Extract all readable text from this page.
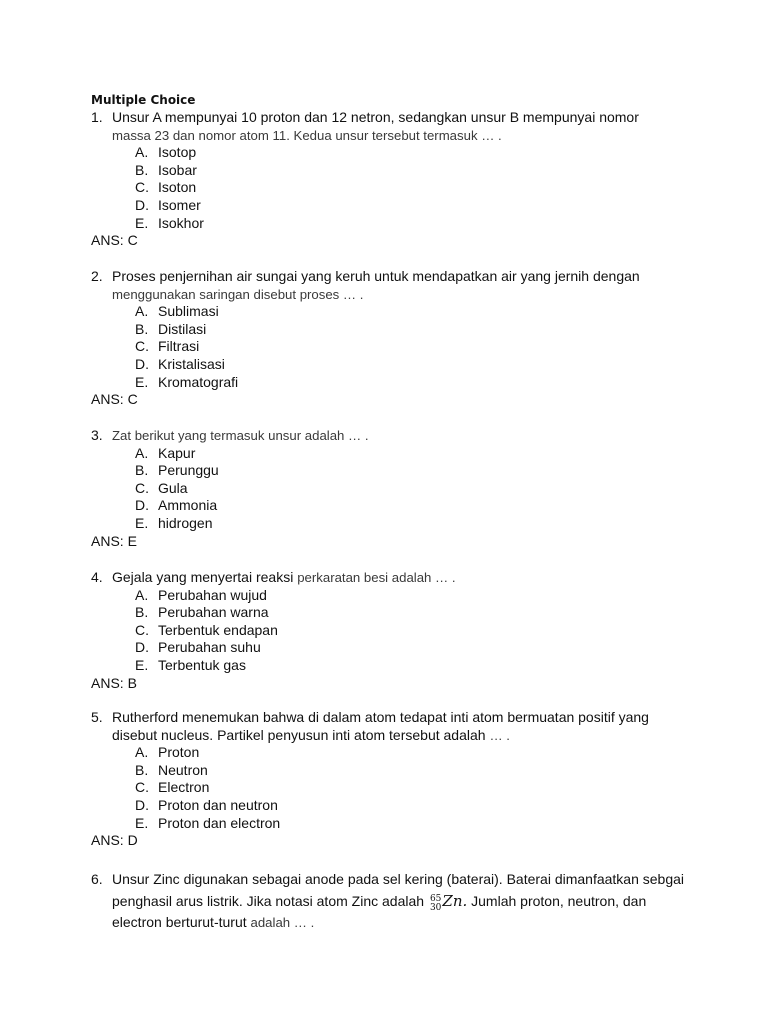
Multiple Choice
1. Unsur A mempunyai 10 proton dan 12 netron, sedangkan unsur B mempunyai nomor
massa 23 dan nomor atom 11. Kedua unsur tersebut termasuk … .
A. Isotop
B. Isobar
C. Isoton
D. Isomer
E. Isokhor
ANS: C
2. Proses penjernihan air sungai yang keruh untuk mendapatkan air yang jernih dengan
menggunakan saringan disebut proses … .
A. Sublimasi
B. Distilasi
C. Filtrasi
D. Kristalisasi
E. Kromatografi
ANS: C
3. Zat berikut yang termasuk unsur adalah … .
A. Kapur
B. Perunggu
C. Gula
D. Ammonia
E. hidrogen
ANS: E
4. Gejala yang menyertai reaksi perkaratan besi adalah … .
A. Perubahan wujud
B. Perubahan warna
C. Terbentuk endapan
D. Perubahan suhu
E. Terbentuk gas
ANS: B
5. Rutherford menemukan bahwa di dalam atom tedapat inti atom bermuatan positif yang
disebut nucleus. Partikel penyusun inti atom tersebut adalah … .
A. Proton
B. Neutron
C. Electron
D. Proton dan neutron
E. Proton dan electron
ANS: D
6. Unsur Zinc digunakan sebagai anode pada sel kering (baterai). Baterai dimanfaatkan sebgai
penghasil arus listrik. Jika notasi atom Zinc adalah 65
30 Zn. Jumlah proton, neutron, dan
electron berturut-turut adalah … .
